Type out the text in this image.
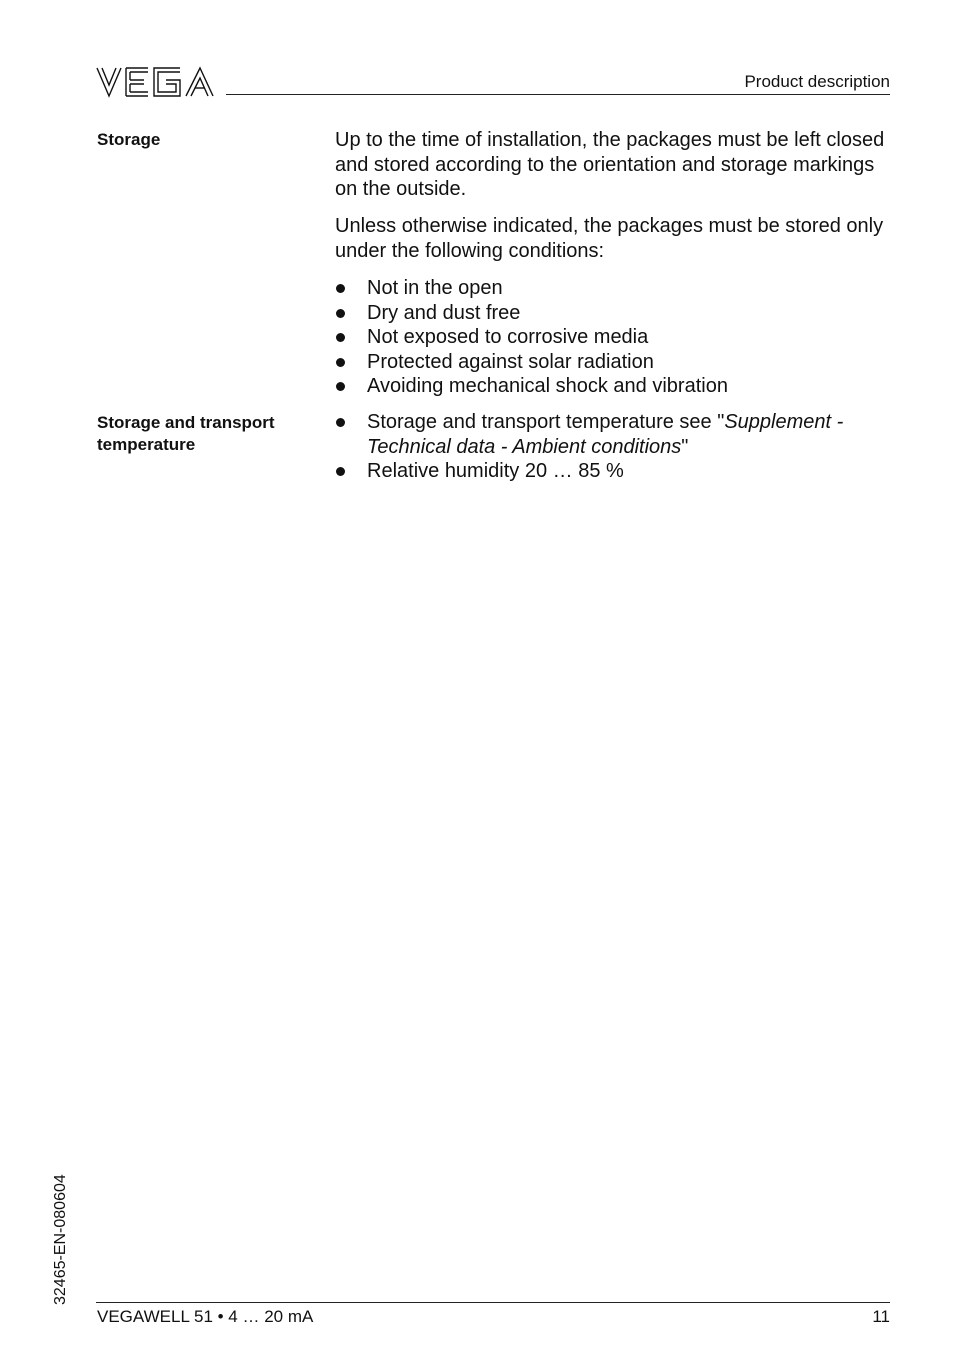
Product description
Storage	Up to the time of installation, the packages must be left closed and stored according to the orientation and storage markings on the outside.

Unless otherwise indicated, the packages must be stored only under the following conditions:

Not in the open
Dry and dust free
Not exposed to corrosive media
Protected against solar radiation
Avoiding mechanical shock and vibration
Storage and transport
temperature
Storage and transport temperature see "Supplement - Technical data - Ambient conditions"
Relative humidity 20 … 85 %
32465-EN-080604
VEGAWELL 51 • 4 … 20 mA	11
